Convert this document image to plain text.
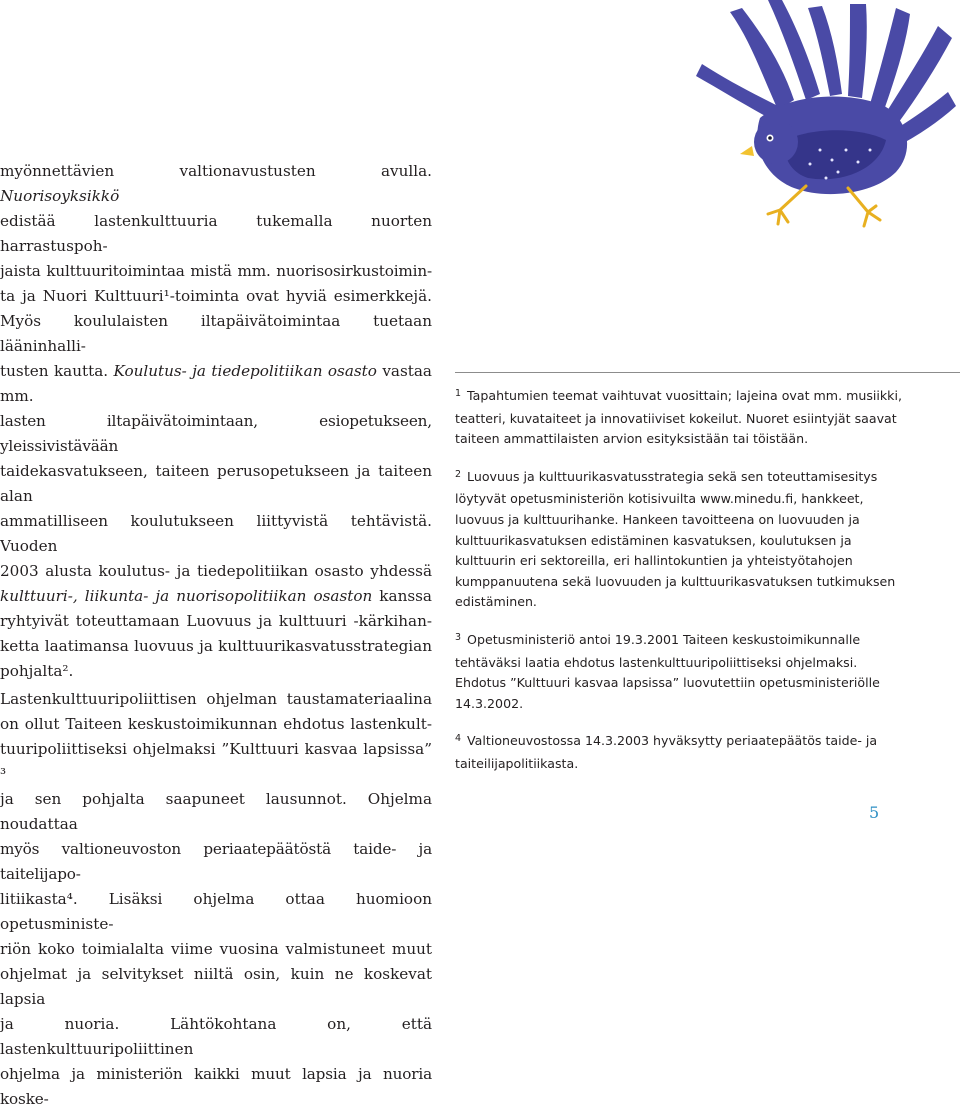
myönnettävien valtionavustusten avulla. Nuorisoyksikkö
edistää lastenkulttuuria tukemalla nuorten harrastuspoh-
jaista kulttuuritoimintaa mistä mm. nuorisosirkustoimin-
ta ja Nuori Kulttuuri¹-toiminta ovat hyviä esimerkkejä.
Myös koululaisten iltapäivätoimintaa tuetaan lääninhalli-
tusten kautta. Koulutus- ja tiedepolitiikan osasto vastaa mm.
lasten iltapäivätoimintaan, esiopetukseen, yleissivistävään
taidekasvatukseen, taiteen perusopetukseen ja taiteen alan
ammatilliseen koulutukseen liittyvistä tehtävistä. Vuoden
2003 alusta koulutus- ja tiedepolitiikan osasto yhdessä
kulttuuri-, liikunta- ja nuorisopolitiikan osaston kanssa
ryhtyivät toteuttamaan Luovuus ja kulttuuri -kärkihan-
ketta laatimansa luovuus ja kulttuurikasvatusstrategian
pohjalta².
Lastenkulttuuripoliittisen ohjelman taustamateriaalina
on ollut Taiteen keskustoimikunnan ehdotus lastenkult-
tuuripoliittiseksi ohjelmaksi ”Kulttuuri kasvaa lapsissa” ³
ja sen pohjalta saapuneet lausunnot. Ohjelma noudattaa
myös valtioneuvoston periaatepäätöstä taide- ja taitelijapo-
litiikasta⁴. Lisäksi ohjelma ottaa huomioon opetusministe-
riön koko toimialalta viime vuosina valmistuneet muut
ohjelmat ja selvitykset niiltä osin, kuin ne koskevat lapsia
ja nuoria. Lähtökohtana on, että lastenkulttuuripoliittinen
ohjelma ja ministeriön kaikki muut lapsia ja nuoria koske-
$^1$ Tapahtumien teemat vaihtuvat vuosittain; lajeina ovat mm. musiikki,
teatteri, kuvataiteet ja innovatiiviset kokeilut. Nuoret esiintyjät saavat
taiteen ammattilaisten arvion esityksistään tai töistään.
$^2$ Luovuus ja kulttuurikasvatusstrategia sekä sen toteuttamisesitys
löytyvät opetusministeriön kotisivuilta www.minedu.fi, hankkeet,
luovuus ja kulttuurihanke. Hankeen tavoitteena on luovuuden ja
kulttuurikasvatuksen edistäminen kasvatuksen, koulutuksen ja
kulttuurin eri sektoreilla, eri hallintokuntien ja yhteistyötahojen
kumppanuutena sekä luovuuden ja kulttuurikasvatuksen tutkimuksen
edistäminen.
$^3$ Opetusministeriö antoi 19.3.2001 Taiteen keskustoimikunnalle
tehtäväksi laatia ehdotus lastenkulttuuripoliittiseksi ohjelmaksi.
Ehdotus ”Kulttuuri kasvaa lapsissa” luovutettiin opetusministeriölle
14.3.2002.
$^4$ Valtioneuvostossa 14.3.2003 hyväksytty periaatepäätös taide- ja
taiteilijapolitiikasta.
5
